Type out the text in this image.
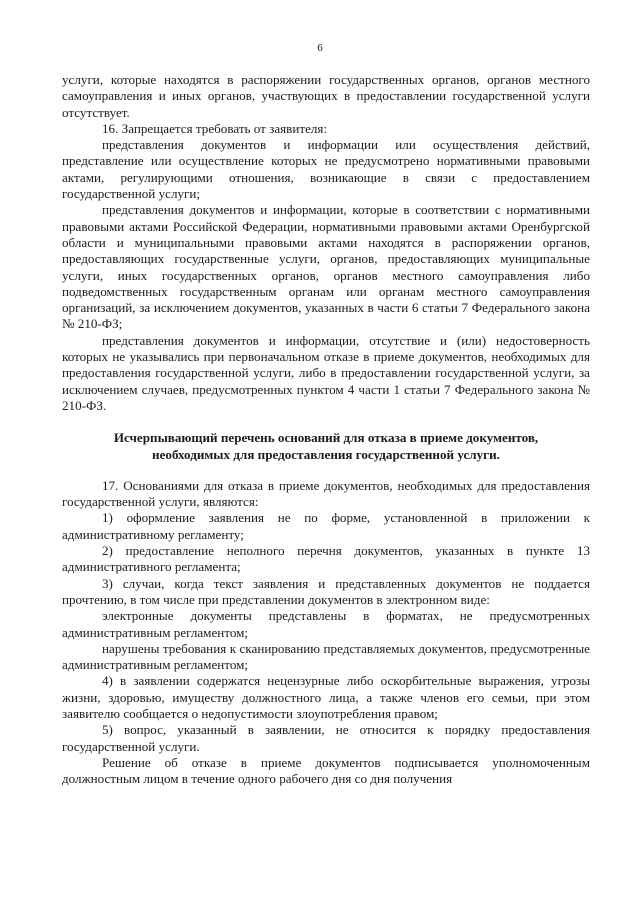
6

услуги, которые находятся в распоряжении государственных органов, органов местного самоуправления и иных органов, участвующих в предоставлении государственной услуги отсутствует.

16. Запрещается требовать от заявителя:

представления документов и информации или осуществления действий, представление или осуществление которых не предусмотрено нормативными правовыми актами, регулирующими отношения, возникающие в связи с предоставлением государственной услуги;

представления документов и информации, которые в соответствии с нормативными правовыми актами Российской Федерации, нормативными правовыми актами Оренбургской области и муниципальными правовыми актами находятся в распоряжении органов, предоставляющих государственные услуги, органов, предоставляющих муниципальные услуги, иных государственных органов, органов местного самоуправления либо подведомственных государственным органам или органам местного самоуправления организаций, за исключением документов, указанных в части 6 статьи 7 Федерального закона № 210-ФЗ;

представления документов и информации, отсутствие и (или) недостоверность которых не указывались при первоначальном отказе в приеме документов, необходимых для предоставления государственной услуги, либо в предоставлении государственной услуги, за исключением случаев, предусмотренных пунктом 4 части 1 статьи 7 Федерального закона № 210-ФЗ.

Исчерпывающий перечень оснований для отказа в приеме документов,
необходимых для предоставления государственной услуги.

17. Основаниями для отказа в приеме документов, необходимых для предоставления государственной услуги, являются:

1) оформление заявления не по форме, установленной в приложении к административному регламенту;

2) предоставление неполного перечня документов, указанных в пункте 13 административного регламента;

3) случаи, когда текст заявления и представленных документов не поддается прочтению, в том числе при представлении документов в электронном виде:

электронные документы представлены в форматах, не предусмотренных административным регламентом;

нарушены требования к сканированию представляемых документов, предусмотренные административным регламентом;

4) в заявлении содержатся нецензурные либо оскорбительные выражения, угрозы жизни, здоровью, имуществу должностного лица, а также членов его семьи, при этом заявителю сообщается о недопустимости злоупотребления правом;

5) вопрос, указанный в заявлении, не относится к порядку предоставления государственной услуги.

Решение об отказе в приеме документов подписывается уполномоченным должностным лицом в течение одного рабочего дня со дня получения
